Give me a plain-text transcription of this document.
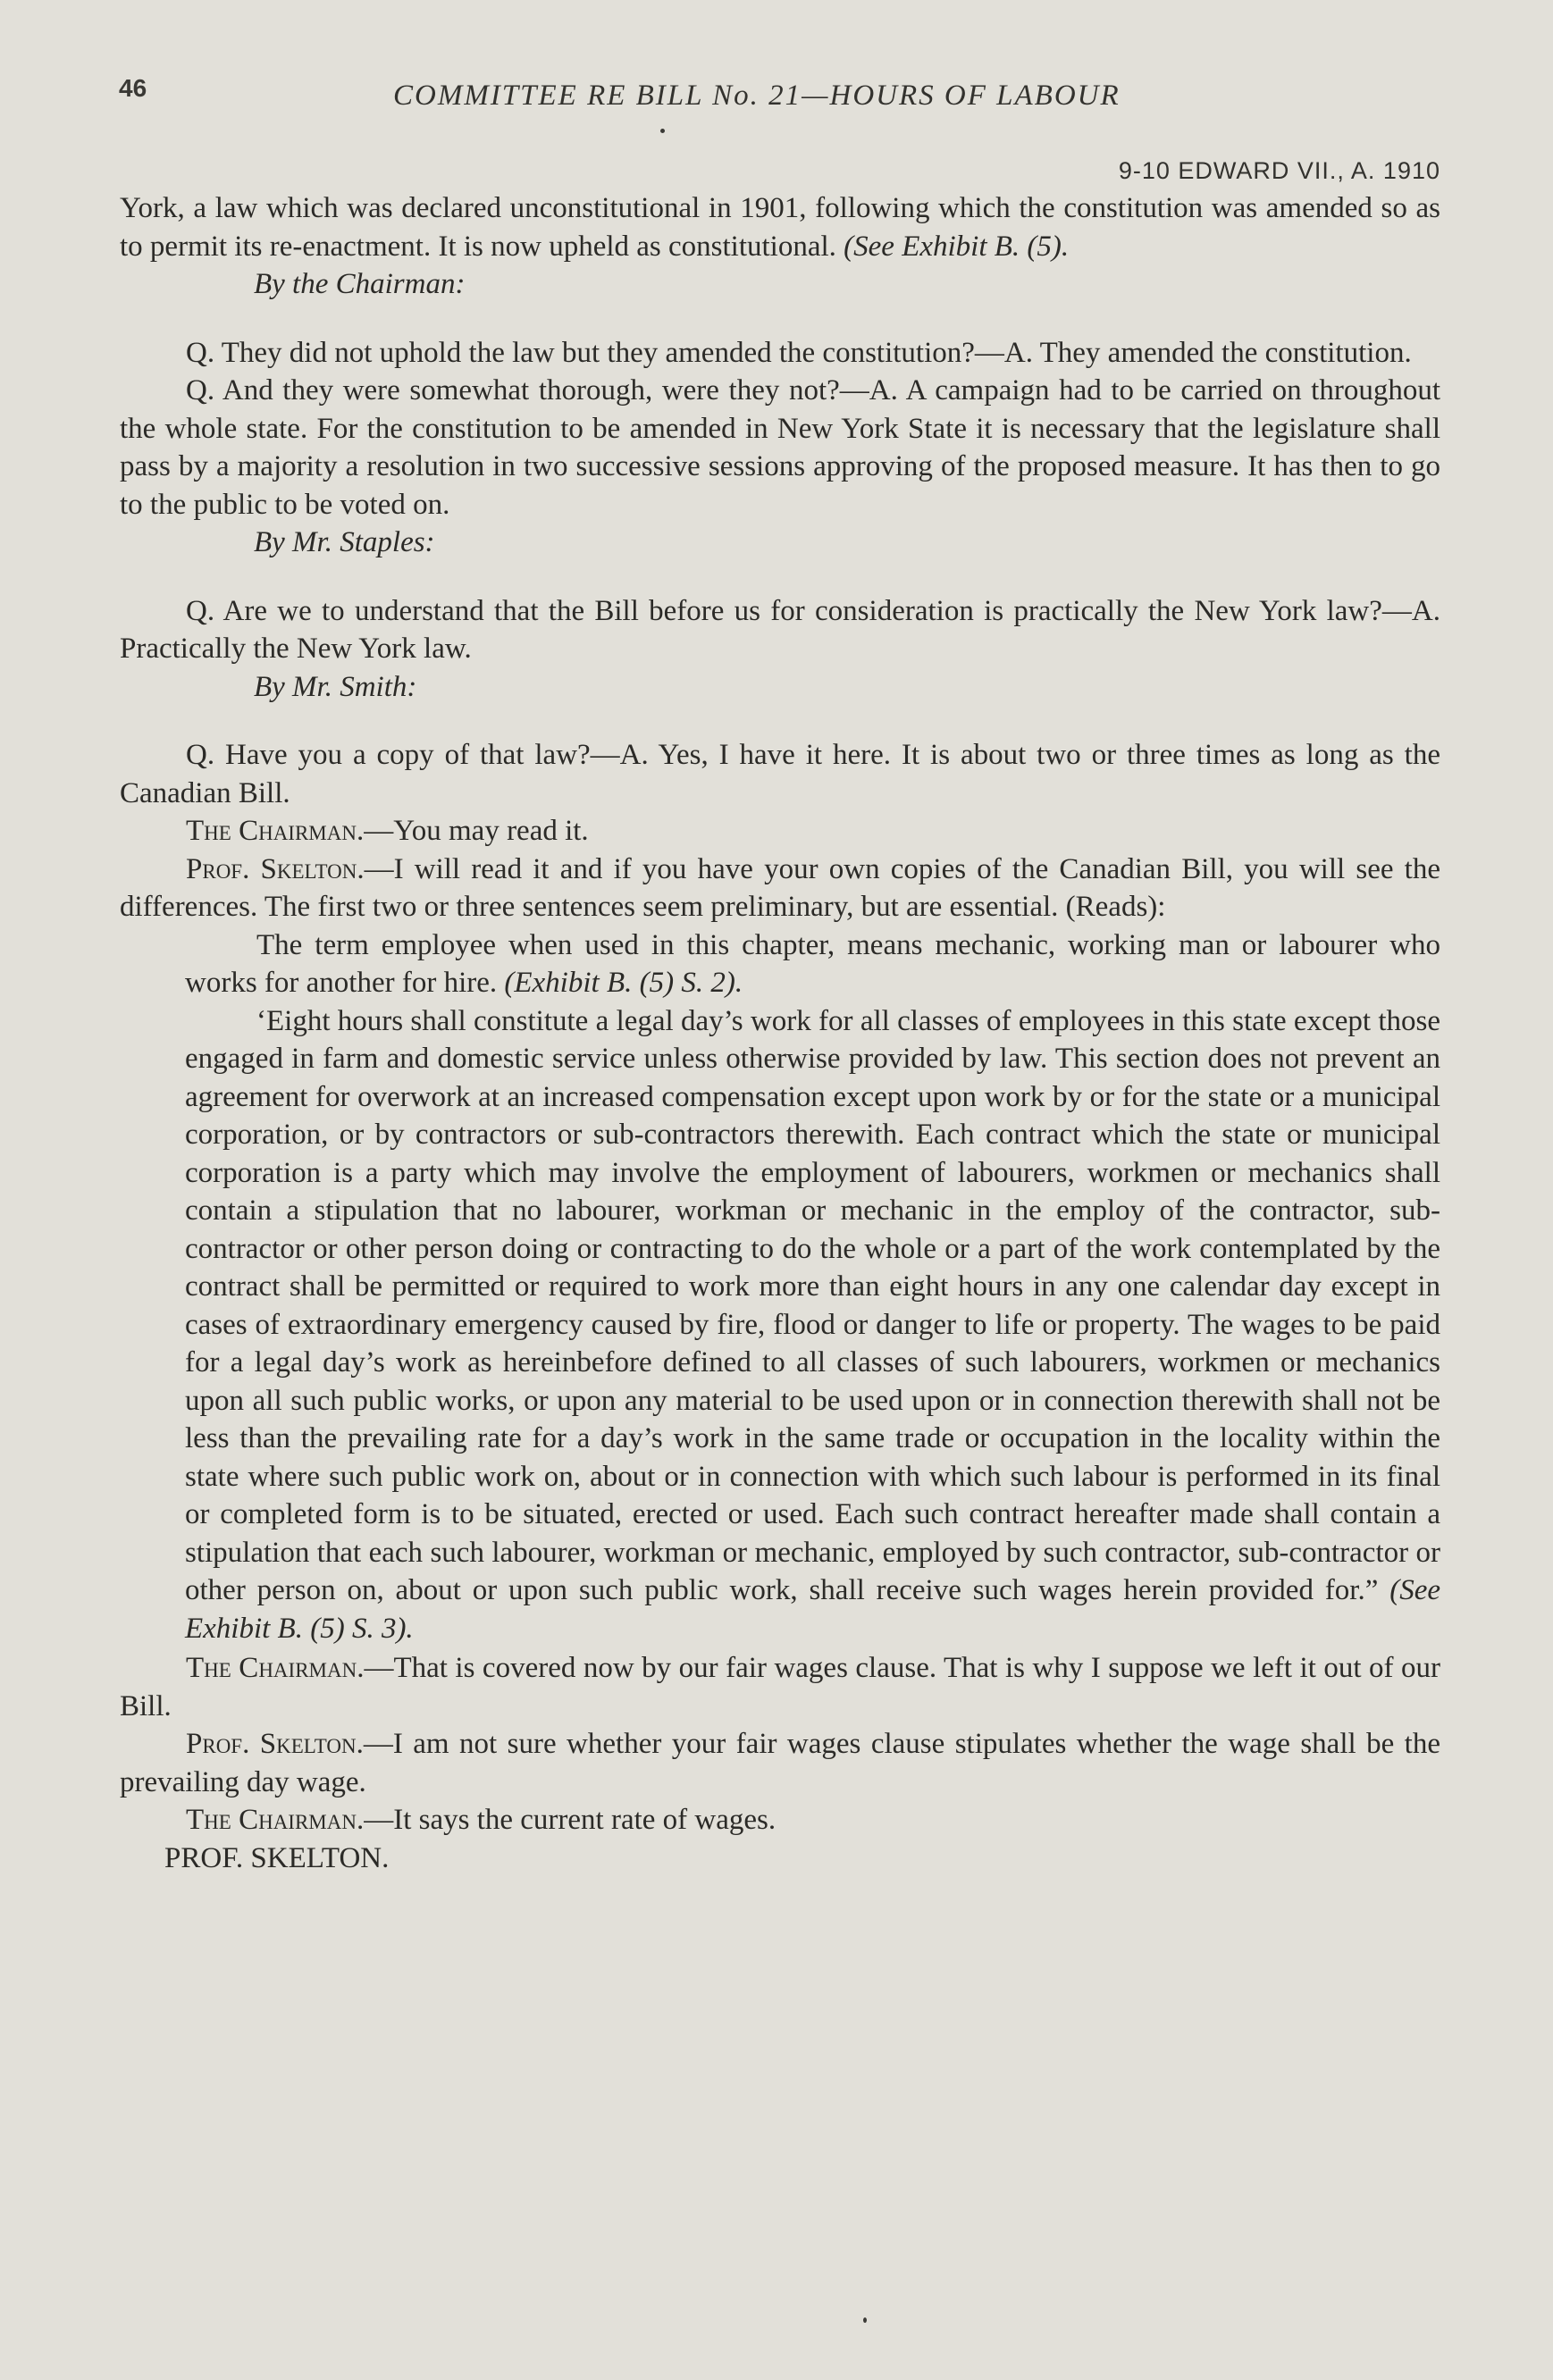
46	COMMITTEE RE BILL No. 21—HOURS OF LABOUR
9-10 EDWARD VII., A. 1910

York, a law which was declared unconstitutional in 1901, following which the constitution was amended so as to permit its re-enactment. It is now upheld as constitutional. (See Exhibit B. (5).

By the Chairman:

Q. They did not uphold the law but they amended the constitution?—A. They amended the constitution.

Q. And they were somewhat thorough, were they not?—A. A campaign had to be carried on throughout the whole state. For the constitution to be amended in New York State it is necessary that the legislature shall pass by a majority a resolution in two successive sessions approving of the proposed measure. It has then to go to the public to be voted on.

By Mr. Staples:

Q. Are we to understand that the Bill before us for consideration is practically the New York law?—A. Practically the New York law.

By Mr. Smith:

Q. Have you a copy of that law?—A. Yes, I have it here. It is about two or three times as long as the Canadian Bill.

The Chairman.—You may read it.

Prof. Skelton.—I will read it and if you have your own copies of the Canadian Bill, you will see the differences. The first two or three sentences seem preliminary, but are essential. (Reads):

The term employee when used in this chapter, means mechanic, working man or labourer who works for another for hire. (Exhibit B. (5) S. 2).

‘Eight hours shall constitute a legal day’s work for all classes of employees in this state except those engaged in farm and domestic service unless otherwise provided by law. This section does not prevent an agreement for overwork at an increased compensation except upon work by or for the state or a municipal corporation, or by contractors or sub-contractors therewith. Each contract which the state or municipal corporation is a party which may involve the employment of labourers, workmen or mechanics shall contain a stipulation that no labourer, workman or mechanic in the employ of the contractor, sub-contractor or other person doing or contracting to do the whole or a part of the work contemplated by the contract shall be permitted or required to work more than eight hours in any one calendar day except in cases of extraordinary emergency caused by fire, flood or danger to life or property. The wages to be paid for a legal day’s work as hereinbefore defined to all classes of such labourers, workmen or mechanics upon all such public works, or upon any material to be used upon or in connection therewith shall not be less than the prevailing rate for a day’s work in the same trade or occupation in the locality within the state where such public work on, about or in connection with which such labour is performed in its final or completed form is to be situated, erected or used. Each such contract hereafter made shall contain a stipulation that each such labourer, workman or mechanic, employed by such contractor, sub-contractor or other person on, about or upon such public work, shall receive such wages herein provided for.” (See Exhibit B. (5) S. 3).

The Chairman.—That is covered now by our fair wages clause. That is why I suppose we left it out of our Bill.

Prof. Skelton.—I am not sure whether your fair wages clause stipulates whether the wage shall be the prevailing day wage.

The Chairman.—It says the current rate of wages.

PROF. SKELTON.
